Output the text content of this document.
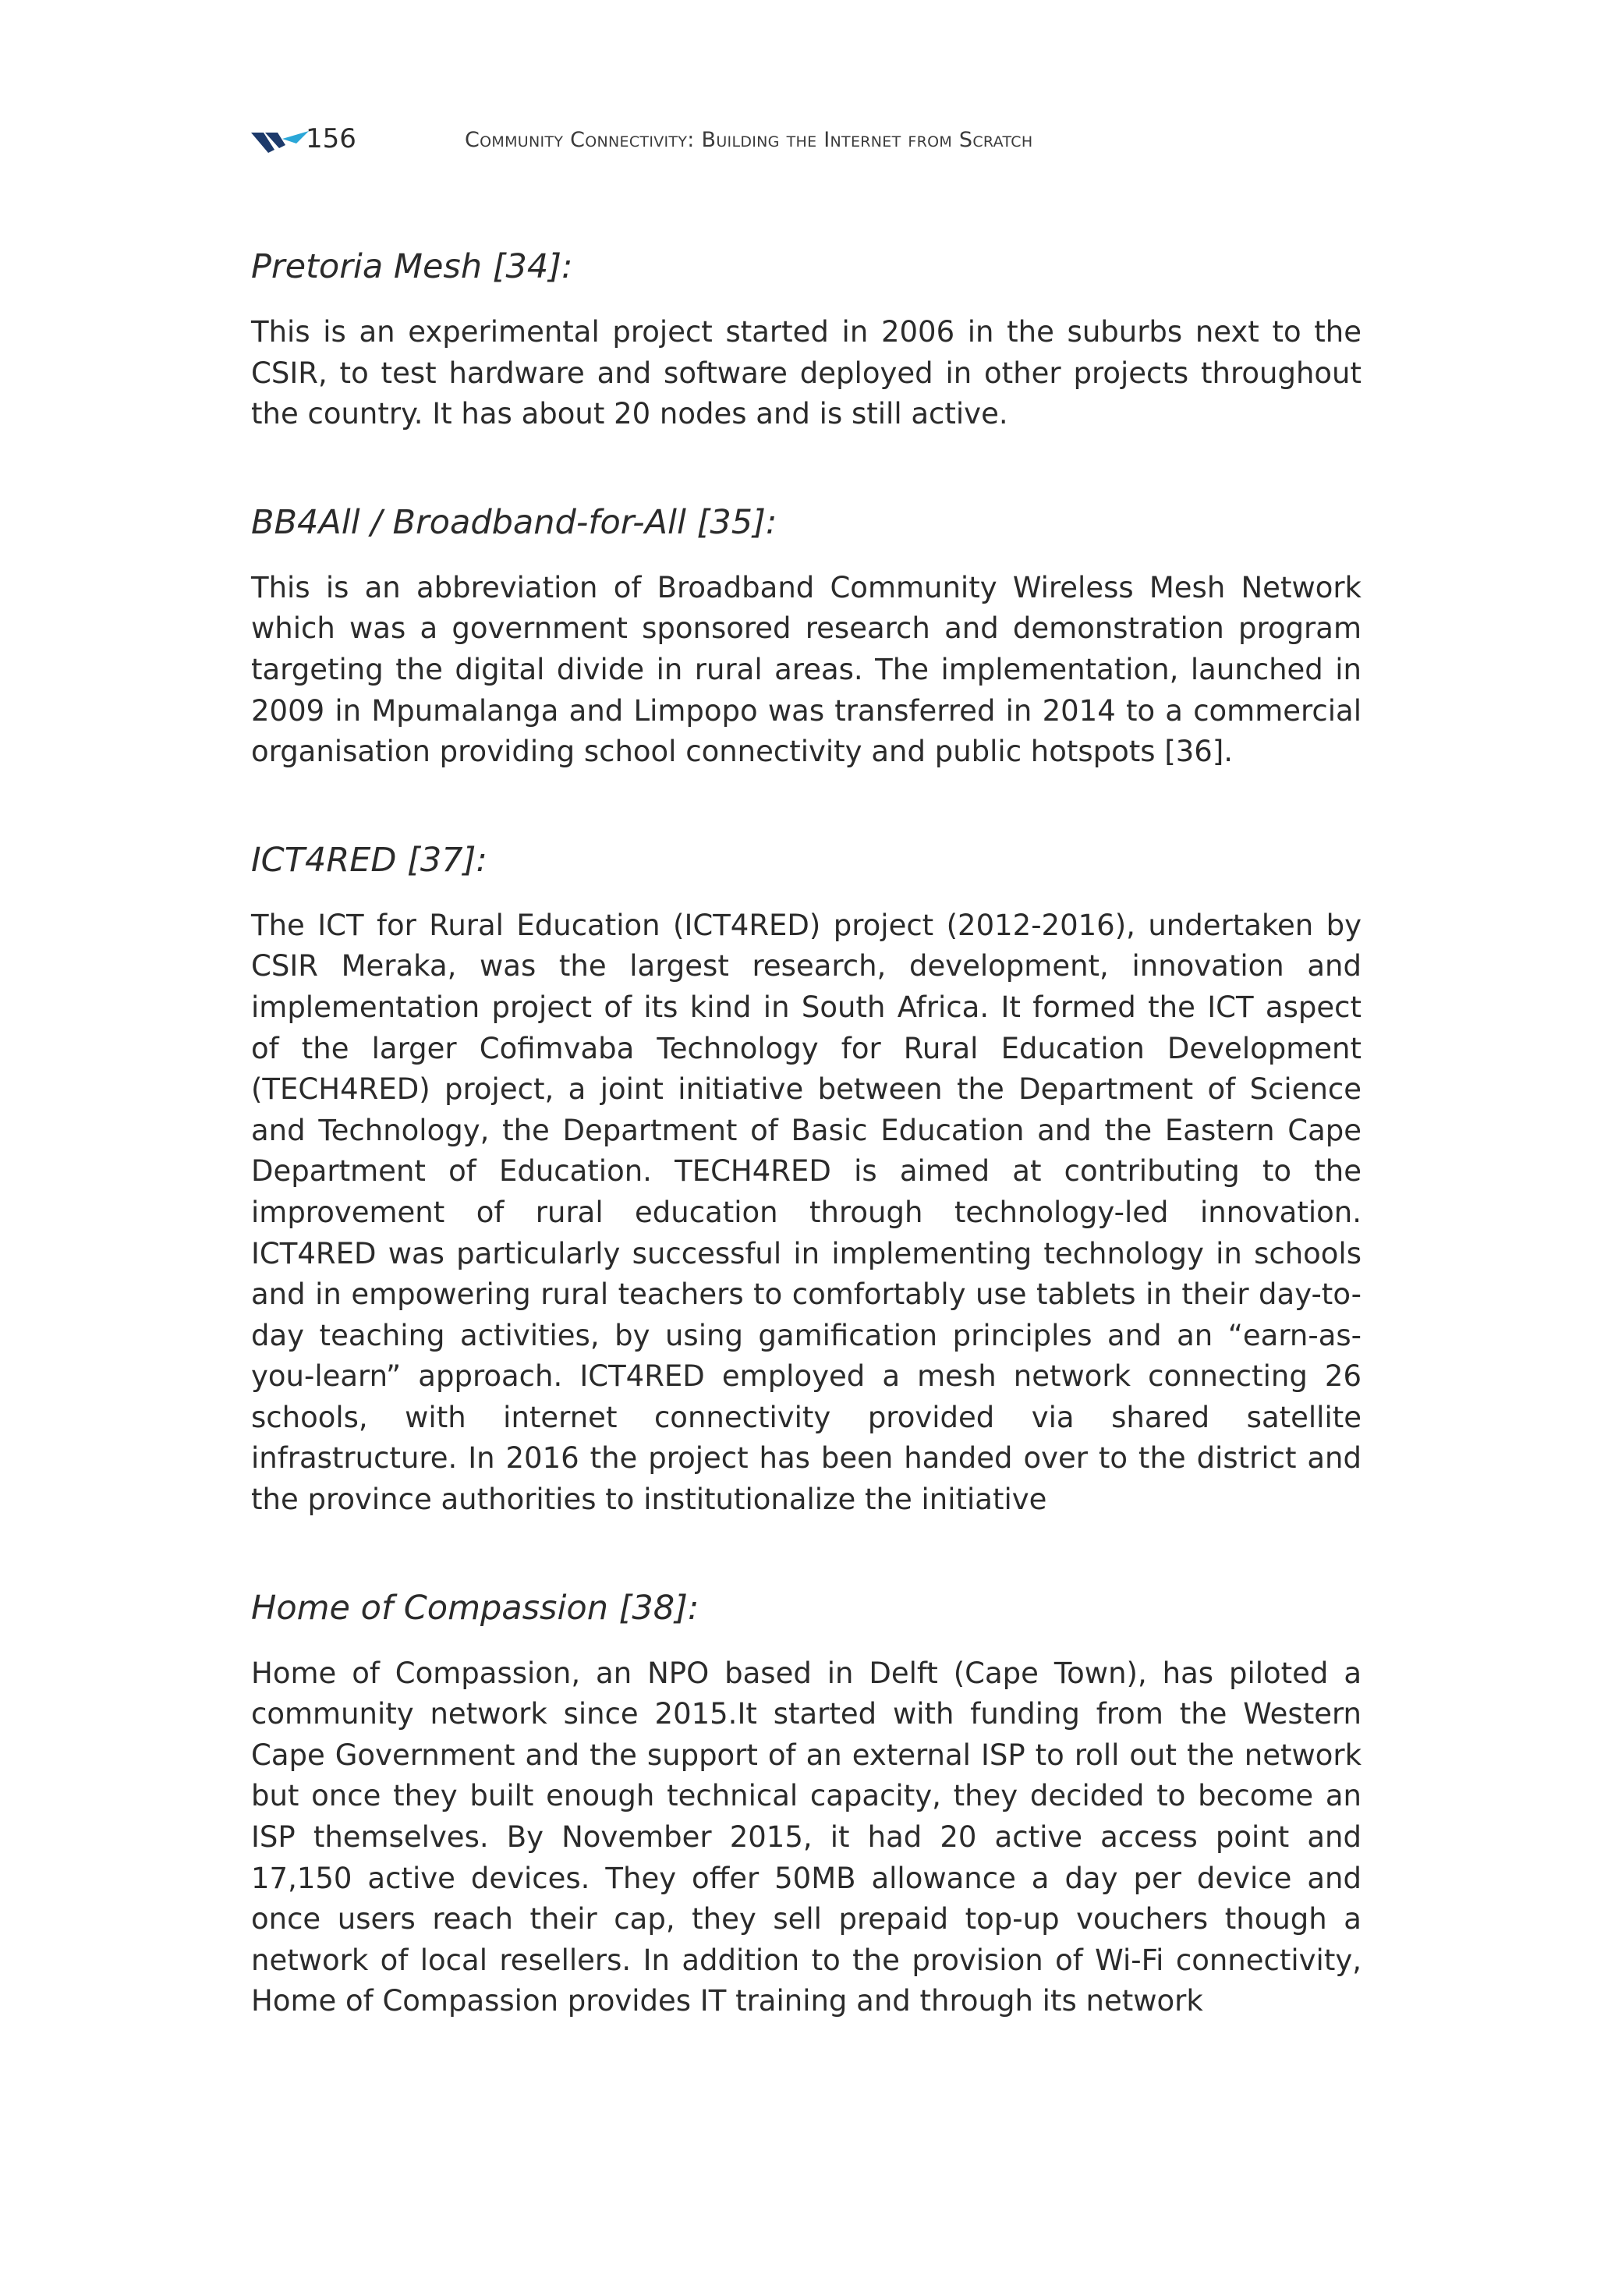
156	Community Connectivity: Building the Internet from Scratch
Pretoria Mesh [34]:

This is an experimental project started in 2006 in the suburbs next to the CSIR, to test hardware and software deployed in other projects throughout the country. It has about 20 nodes and is still active.

BB4All / Broadband-for-All [35]:

This is an abbreviation of Broadband Community Wireless Mesh Network which was a government sponsored research and demonstration program targeting the digital divide in rural areas. The implementation, launched in 2009 in Mpumalanga and Limpopo was transferred in 2014 to a commercial organisation providing school connectivity and public hotspots [36].

ICT4RED [37]:

The ICT for Rural Education (ICT4RED) project (2012-2016), undertaken by CSIR Meraka, was the largest research, development, innovation and implementation project of its kind in South Africa. It formed the ICT aspect of the larger Cofimvaba Technology for Rural Education Development (TECH4RED) project, a joint initiative between the Department of Science and Technology, the Department of Basic Education and the Eastern Cape Department of Education. TECH4RED is aimed at contributing to the improvement of rural education through technology-led innovation. ICT4RED was particularly successful in implementing technology in schools and in empowering rural teachers to comfortably use tablets in their day-to-day teaching activities, by using gamification principles and an “earn-as-you-learn” approach. ICT4RED employed a mesh network connecting 26 schools, with internet connectivity provided via shared satellite infrastructure. In 2016 the project has been handed over to the district and the province authorities to institutionalize the initiative

Home of Compassion [38]:

Home of Compassion, an NPO based in Delft (Cape Town), has piloted a community network since 2015.It started with funding from the Western Cape Government and the support of an external ISP to roll out the network but once they built enough technical capacity, they decided to become an ISP themselves. By November 2015, it had 20 active access point and 17,150 active devices. They offer 50MB allowance a day per device and once users reach their cap, they sell prepaid top-up vouchers though a network of local resellers. In addition to the provision of Wi-Fi connectivity, Home of Compassion provides IT training and through its network
